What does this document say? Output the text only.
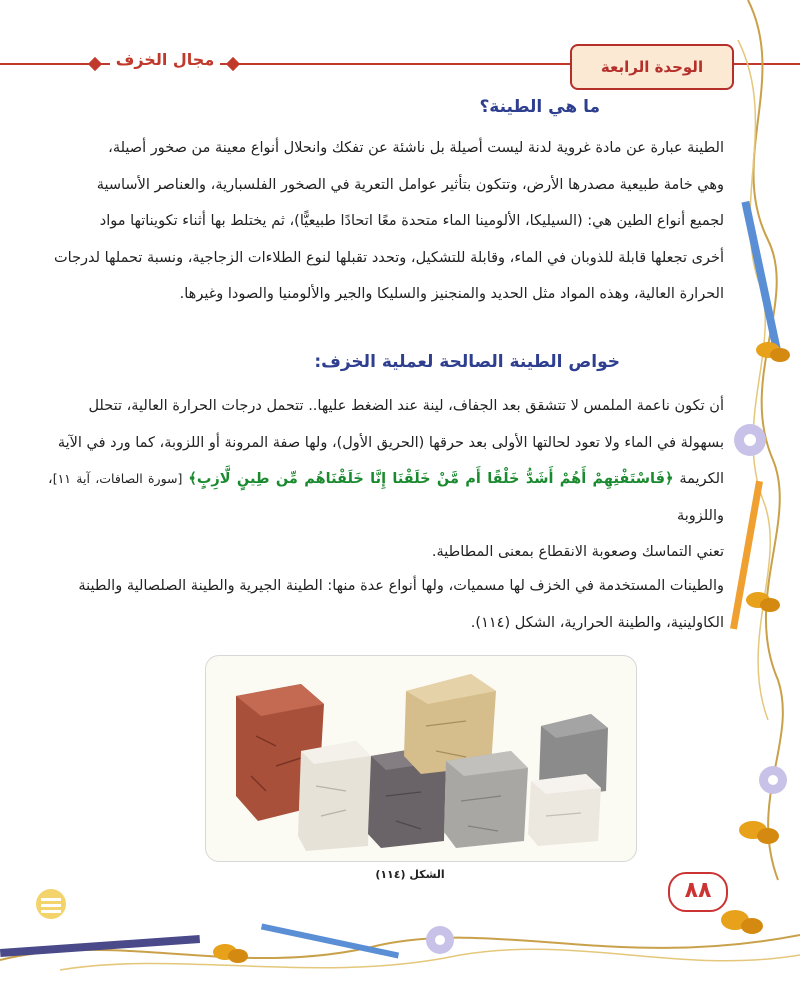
مجال الخزف	الوحدة الرابعة
ما هي الطينة؟

الطينة عبارة عن مادة غروية لدنة ليست أصيلة بل ناشئة عن تفكك وانحلال أنواع معينة من صخور أصيلة،

وهي خامة طبيعية مصدرها الأرض، وتتكون بتأثير عوامل التعرية في الصخور الفلسبارية، والعناصر الأساسية

لجميع أنواع الطين هي: (السيليكا، الألومينا الماء متحدة معًا اتحادًا طبيعيًّا)، ثم يختلط بها أثناء تكويناتها مواد

أخرى تجعلها قابلة للذوبان في الماء، وقابلة للتشكيل، وتحدد تقبلها لنوع الطلاءات الزجاجية، ونسبة تحملها لدرجات

الحرارة العالية، وهذه المواد مثل الحديد والمنجنيز والسليكا والجير والألومنيا والصودا وغيرها.

خواص الطينة الصالحة لعملية الخزف:

أن تكون ناعمة الملمس لا تتشقق بعد الجفاف، لينة عند الضغط عليها.. تتحمل درجات الحرارة العالية، تتحلل

بسهولة في الماء ولا تعود لحالتها الأولى بعد حرقها (الحريق الأول)، ولها صفة المرونة أو اللزوبة، كما ورد في الآية

الكريمة ﴿فَاسْتَفْتِهِمْ أَهُمْ أَشَدُّ خَلْقًا أَم مَّنْ خَلَقْنَا إِنَّا خَلَقْنَاهُم مِّن طِينٍ لَّازِبٍ﴾ [سورة الصافات، آية ١١]، واللزوبة

تعني التماسك وصعوبة الانقطاع بمعنى المطاطية.

والطينات المستخدمة في الخزف لها مسميات، ولها أنواع عدة منها: الطينة الجيرية والطينة الصلصالية والطينة

الكاولينية، والطينة الحرارية، الشكل (١١٤).

الشكل (١١٤)
٨٨
